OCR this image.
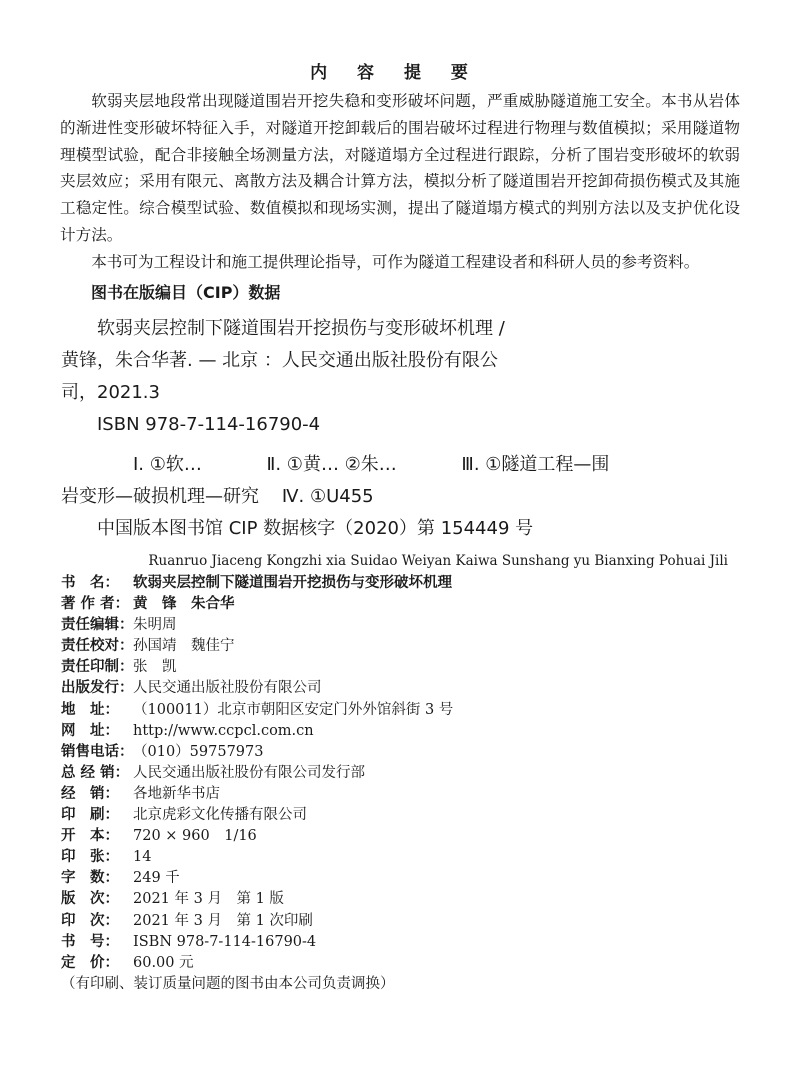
内 容 提 要

软弱夹层地段常出现隧道围岩开挖失稳和变形破坏问题，严重威胁隧道施工安全。本书从岩体的渐进性变形破坏特征入手，对隧道开挖卸载后的围岩破坏过程进行物理与数值模拟；采用隧道物理模型试验，配合非接触全场测量方法，对隧道塌方全过程进行跟踪，分析了围岩变形破坏的软弱夹层效应；采用有限元、离散方法及耦合计算方法，模拟分析了隧道围岩开挖卸荷损伤模式及其施工稳定性。综合模型试验、数值模拟和现场实测，提出了隧道塌方模式的判别方法以及支护优化设计方法。

本书可为工程设计和施工提供理论指导，可作为隧道工程建设者和科研人员的参考资料。

图书在版编目（CIP）数据

软弱夹层控制下隧道围岩开挖损伤与变形破坏机理 /

黄锋，朱合华著. — 北京 ：人民交通出版社股份有限公

司，2021.3

ISBN 978-7-114-16790-4

Ⅰ. ①软…	Ⅱ. ①黄… ②朱…	Ⅲ. ①隧道工程—围

岩变形—破损机理—研究 Ⅳ. ①U455

中国版本图书馆 CIP 数据核字（2020）第 154449 号

Ruanruo Jiaceng Kongzhi xia Suidao Weiyan Kaiwa Sunshang yu Bianxing Pohuai Jili
书　名： 软弱夹层控制下隧道围岩开挖损伤与变形破坏机理
著 作 者： 黄　锋　朱合华
责任编辑： 朱明周
责任校对： 孙国靖　魏佳宁
责任印制： 张　凯
出版发行： 人民交通出版社股份有限公司
地　址： （100011）北京市朝阳区安定门外外馆斜街 3 号
网　址： http://www.ccpcl.com.cn
销售电话： （010）59757973
总 经 销： 人民交通出版社股份有限公司发行部
经　销： 各地新华书店
印　刷： 北京虎彩文化传播有限公司
开　本： 720 × 960　1/16
印　张： 14
字　数： 249 千
版　次： 2021 年 3 月　第 1 版
印　次： 2021 年 3 月　第 1 次印刷
书　号： ISBN 978-7-114-16790-4
定　价： 60.00 元
（有印刷、装订质量问题的图书由本公司负责调换）
